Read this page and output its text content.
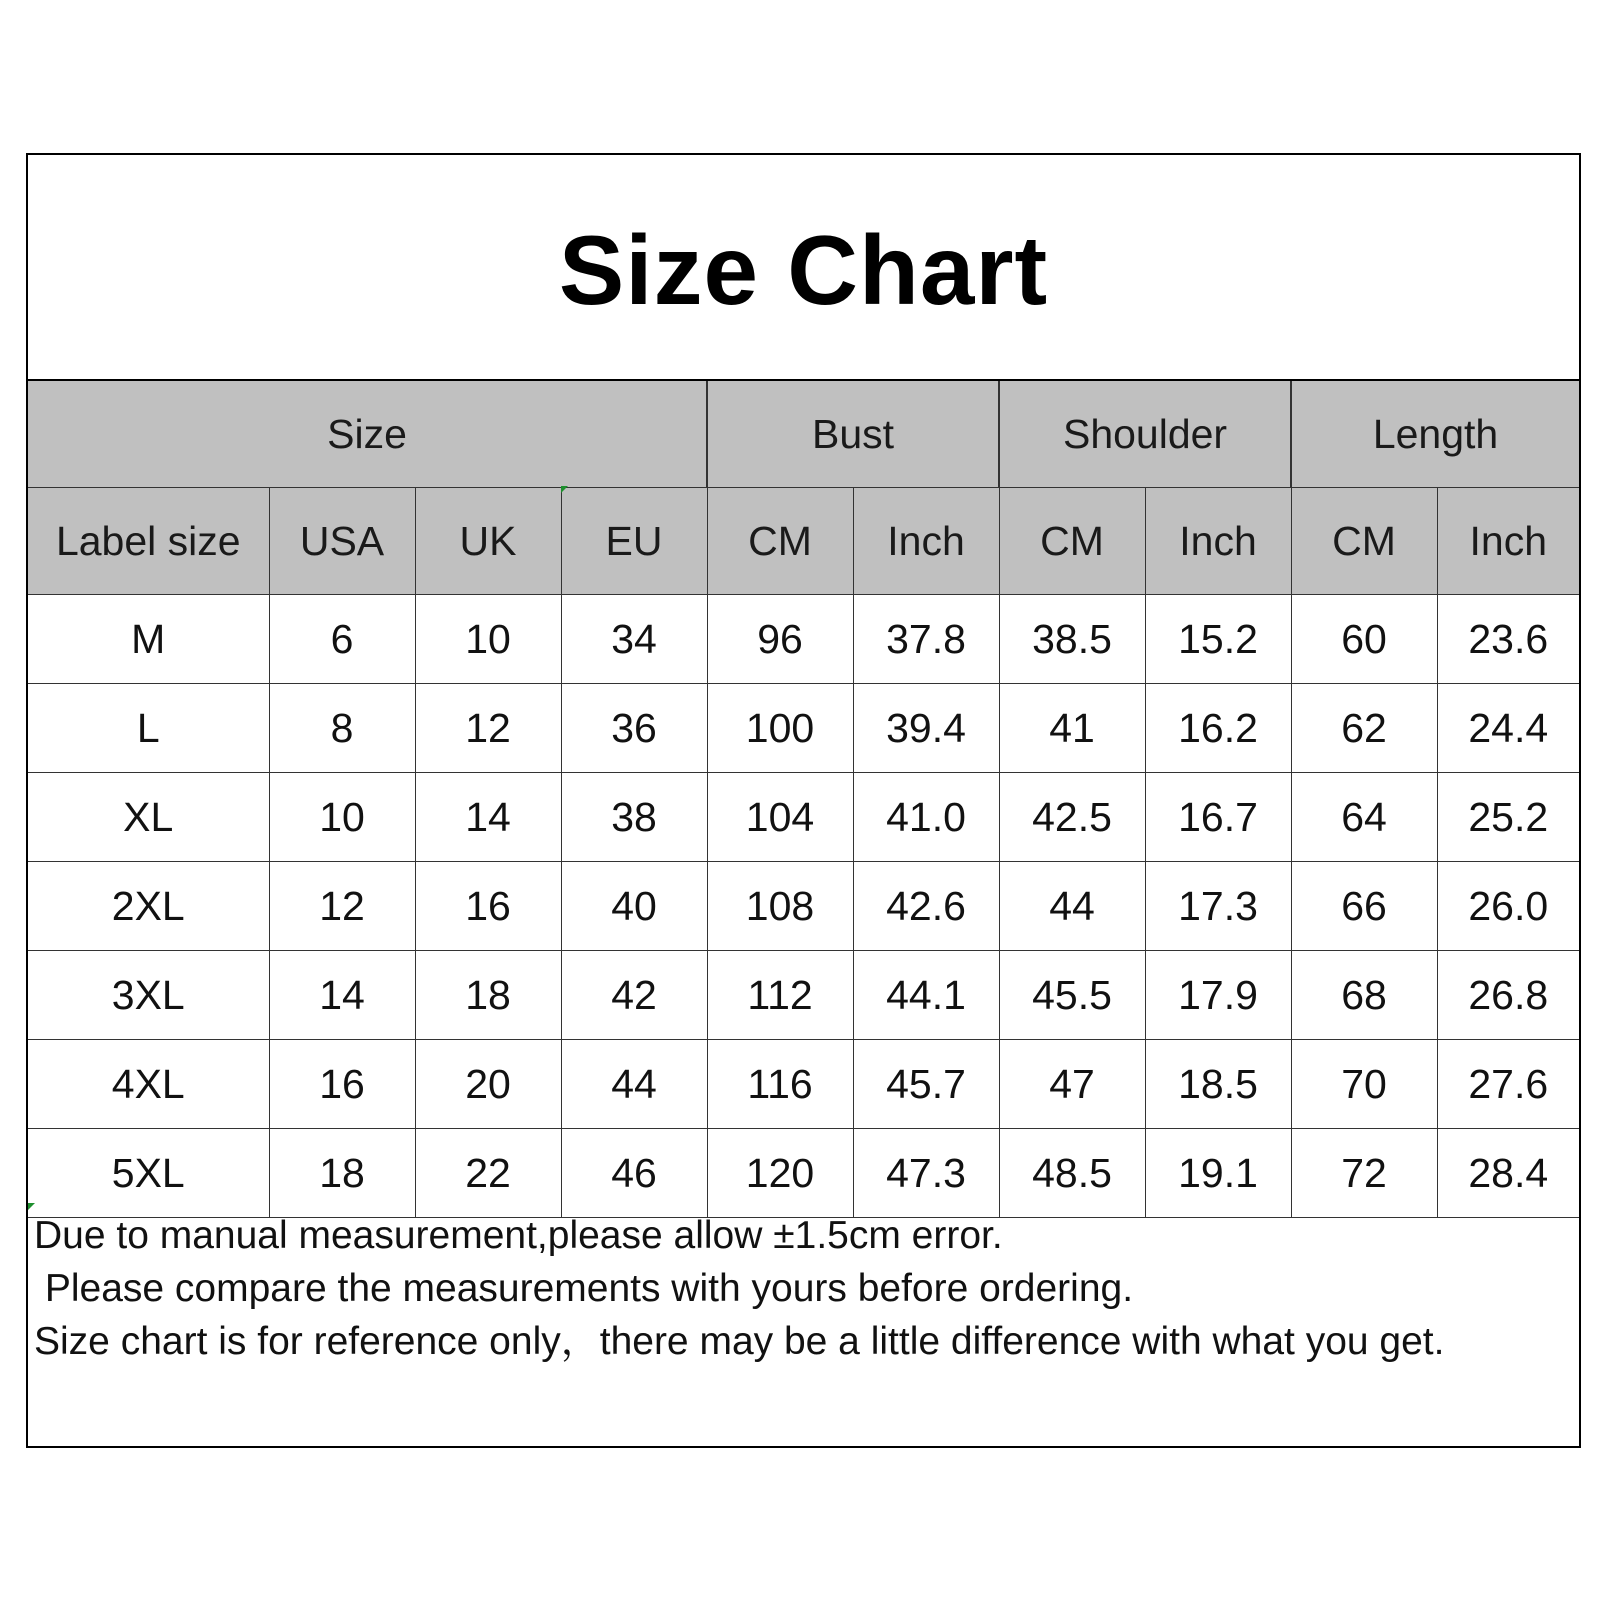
Size Chart
Size				Bust		Shoulder		Length	
Label size	USA	UK	EU	CM	Inch	CM	Inch	CM	Inch
M	6	10	34	96	37.8	38.5	15.2	60	23.6
L	8	12	36	100	39.4	41	16.2	62	24.4
XL	10	14	38	104	41.0	42.5	16.7	64	25.2
2XL	12	16	40	108	42.6	44	17.3	66	26.0
3XL	14	18	42	112	44.1	45.5	17.9	68	26.8
4XL	16	20	44	116	45.7	47	18.5	70	27.6
5XL	18	22	46	120	47.3	48.5	19.1	72	28.4
Due to manual measurement,please allow ±1.5cm error.
Please compare the measurements with yours before ordering.
Size chart is for reference only，there may be a little difference with what you get.
